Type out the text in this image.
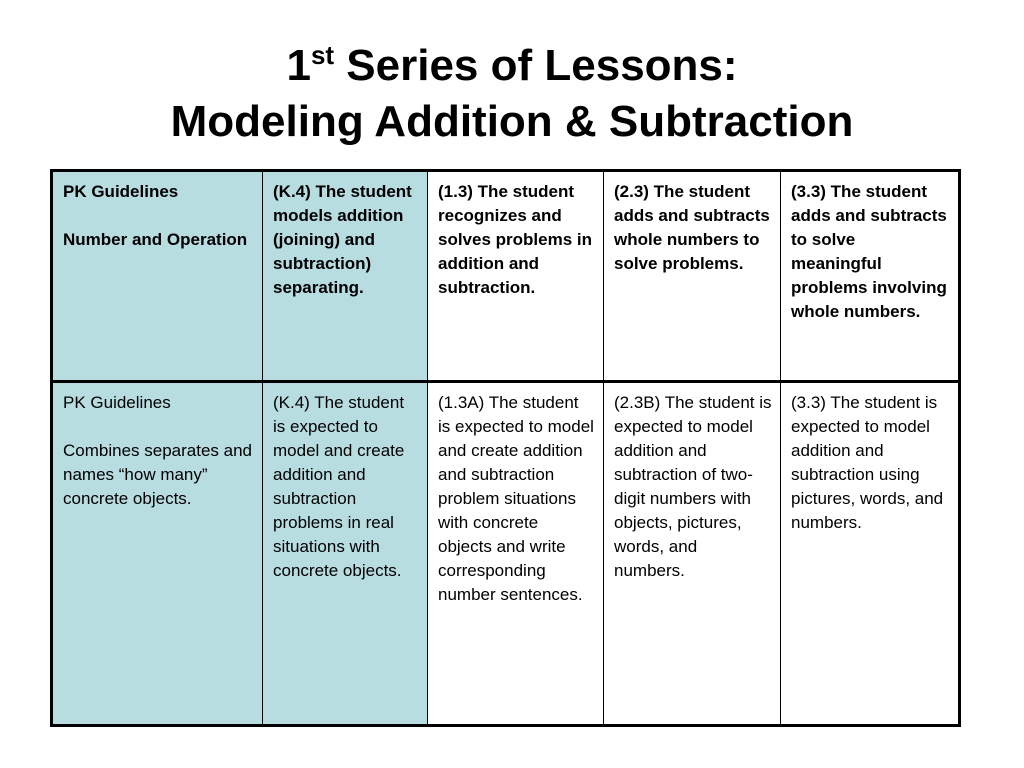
1st Series of Lessons:
Modeling Addition & Subtraction
PK Guidelines
Number and Operation	(K.4) The student models addition (joining) and subtraction) separating.	(1.3) The student recognizes and solves problems in addition and subtraction.	(2.3) The student adds and subtracts whole numbers to solve problems.	(3.3) The student adds and subtracts to solve meaningful problems involving whole numbers.
PK Guidelines
Combines separates and names “how many” concrete objects.	(K.4) The student is expected to model and create addition and subtraction problems in real situations with concrete objects.	(1.3A) The student is expected to model and create addition and subtraction problem situations with concrete objects and write corresponding number sentences.	(2.3B) The student is expected to model addition and subtraction of two-digit numbers with objects, pictures, words, and numbers.	(3.3) The student is expected to model addition and subtraction using pictures, words, and numbers.
